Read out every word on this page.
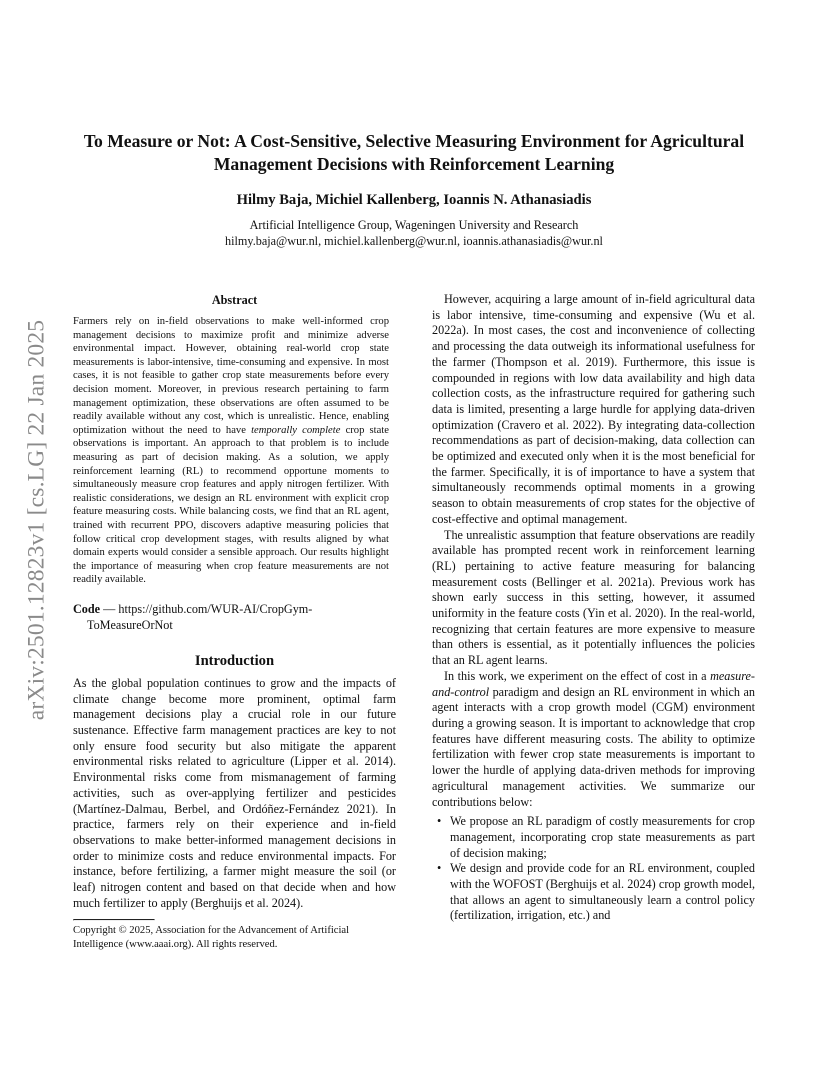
arXiv:2501.12823v1 [cs.LG] 22 Jan 2025
To Measure or Not: A Cost-Sensitive, Selective Measuring Environment for Agricultural Management Decisions with Reinforcement Learning

Hilmy Baja, Michiel Kallenberg, Ioannis N. Athanasiadis

Artificial Intelligence Group, Wageningen University and Research

hilmy.baja@wur.nl, michiel.kallenberg@wur.nl, ioannis.athanasiadis@wur.nl

Abstract

Farmers rely on in-field observations to make well-informed crop management decisions to maximize profit and minimize adverse environmental impact. However, obtaining real-world crop state measurements is labor-intensive, time-consuming and expensive. In most cases, it is not feasible to gather crop state measurements before every decision moment. Moreover, in previous research pertaining to farm management optimization, these observations are often assumed to be readily available without any cost, which is unrealistic. Hence, enabling optimization without the need to have temporally complete crop state observations is important. An approach to that problem is to include measuring as part of decision making. As a solution, we apply reinforcement learning (RL) to recommend opportune moments to simultaneously measure crop features and apply nitrogen fertilizer. With realistic considerations, we design an RL environment with explicit crop feature measuring costs. While balancing costs, we find that an RL agent, trained with recurrent PPO, discovers adaptive measuring policies that follow critical crop development stages, with results aligned by what domain experts would consider a sensible approach. Our results highlight the importance of measuring when crop feature measurements are not readily available.

Code — https://github.com/WUR-AI/CropGym-ToMeasureOrNot

Introduction

As the global population continues to grow and the impacts of climate change become more prominent, optimal farm management decisions play a crucial role in our future sustenance. Effective farm management practices are key to not only ensure food security but also mitigate the apparent environmental risks related to agriculture (Lipper et al. 2014). Environmental risks come from mismanagement of farming activities, such as over-applying fertilizer and pesticides (Martínez-Dalmau, Berbel, and Ordóñez-Fernández 2021). In practice, farmers rely on their experience and in-field observations to make better-informed management decisions in order to minimize costs and reduce environmental impacts. For instance, before fertilizing, a farmer might measure the soil (or leaf) nitrogen content and based on that decide when and how much fertilizer to apply (Berghuijs et al. 2024).

However, acquiring a large amount of in-field agricultural data is labor intensive, time-consuming and expensive (Wu et al. 2022a). In most cases, the cost and inconvenience of collecting and processing the data outweigh its informational usefulness for the farmer (Thompson et al. 2019). Furthermore, this issue is compounded in regions with low data availability and high data collection costs, as the infrastructure required for gathering such data is limited, presenting a large hurdle for applying data-driven optimization (Cravero et al. 2022). By integrating data-collection recommendations as part of decision-making, data collection can be optimized and executed only when it is the most beneficial for the farmer. Specifically, it is of importance to have a system that simultaneously recommends optimal moments in a growing season to obtain measurements of crop states for the objective of cost-effective and optimal management.

The unrealistic assumption that feature observations are readily available has prompted recent work in reinforcement learning (RL) pertaining to active feature measuring for balancing measurement costs (Bellinger et al. 2021a). Previous work has shown early success in this setting, however, it assumed uniformity in the feature costs (Yin et al. 2020). In the real-world, recognizing that certain features are more expensive to measure than others is essential, as it potentially influences the policies that an RL agent learns.

In this work, we experiment on the effect of cost in a measure-and-control paradigm and design an RL environment in which an agent interacts with a crop growth model (CGM) environment during a growing season. It is important to acknowledge that crop features have different measuring costs. The ability to optimize fertilization with fewer crop state measurements is important to lower the hurdle of applying data-driven methods for improving agricultural management activities. We summarize our contributions below:

• We propose an RL paradigm of costly measurements for crop management, incorporating crop state measurements as part of decision making;
• We design and provide code for an RL environment, coupled with the WOFOST (Berghuijs et al. 2024) crop growth model, that allows an agent to simultaneously learn a control policy (fertilization, irrigation, etc.) and

Copyright © 2025, Association for the Advancement of Artificial Intelligence (www.aaai.org). All rights reserved.
